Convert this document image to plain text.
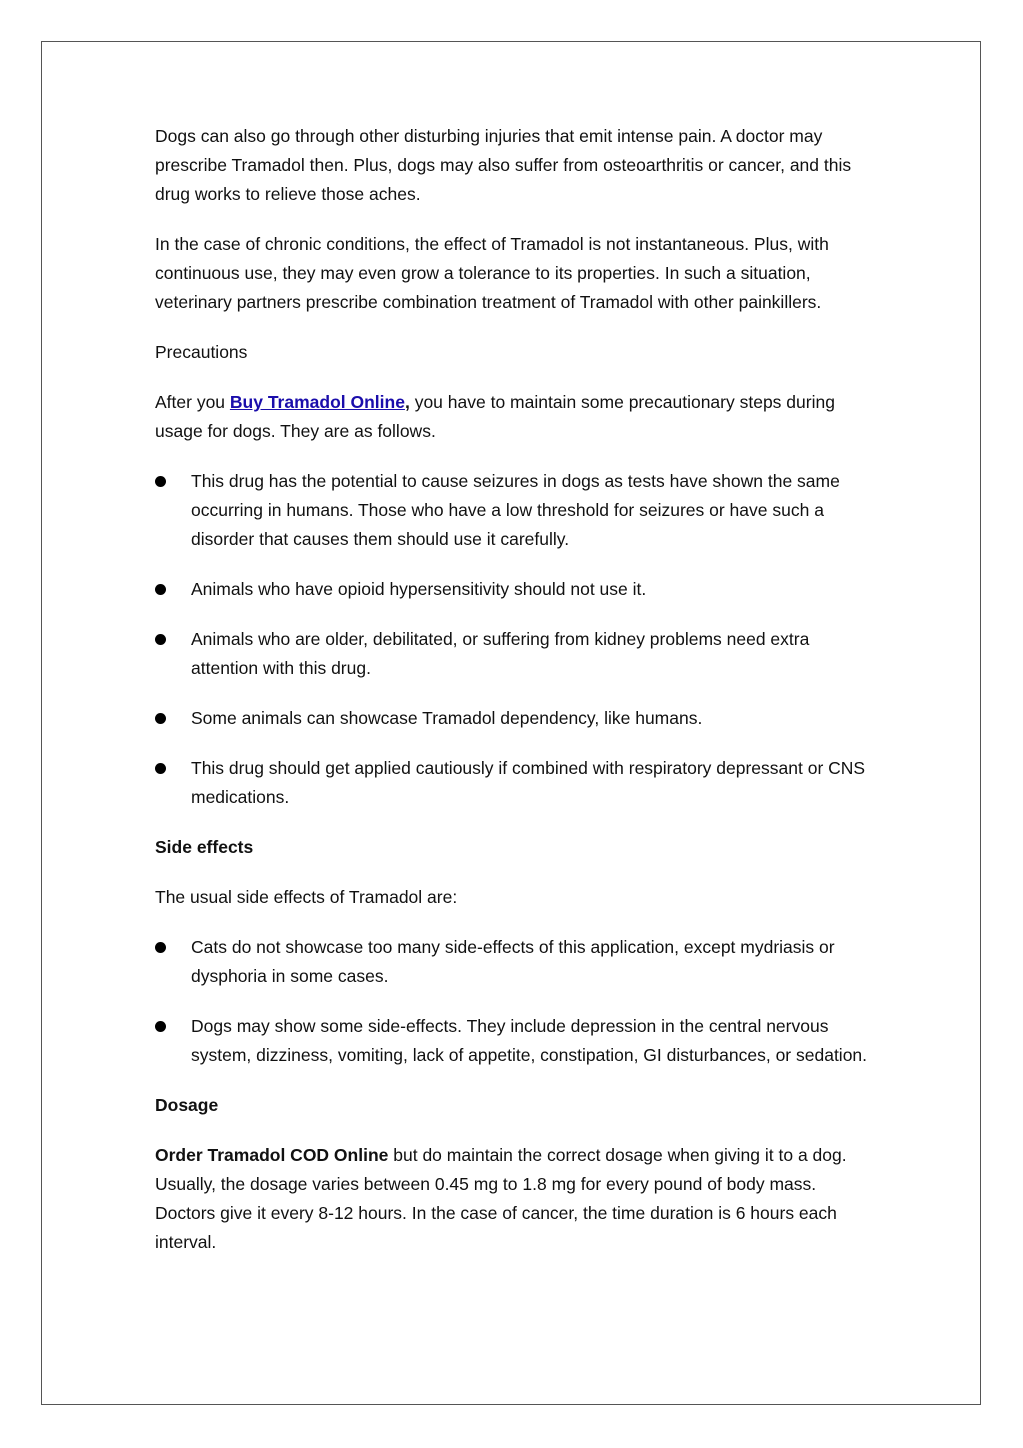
Dogs can also go through other disturbing injuries that emit intense pain. A doctor may prescribe Tramadol then. Plus, dogs may also suffer from osteoarthritis or cancer, and this drug works to relieve those aches.

In the case of chronic conditions, the effect of Tramadol is not instantaneous. Plus, with continuous use, they may even grow a tolerance to its properties. In such a situation, veterinary partners prescribe combination treatment of Tramadol with other painkillers.

Precautions

After you Buy Tramadol Online, you have to maintain some precautionary steps during usage for dogs. They are as follows.

This drug has the potential to cause seizures in dogs as tests have shown the same occurring in humans. Those who have a low threshold for seizures or have such a disorder that causes them should use it carefully.
Animals who have opioid hypersensitivity should not use it.
Animals who are older, debilitated, or suffering from kidney problems need extra attention with this drug.
Some animals can showcase Tramadol dependency, like humans.
This drug should get applied cautiously if combined with respiratory depressant or CNS medications.

Side effects

The usual side effects of Tramadol are:

Cats do not showcase too many side-effects of this application, except mydriasis or dysphoria in some cases.
Dogs may show some side-effects. They include depression in the central nervous system, dizziness, vomiting, lack of appetite, constipation, GI disturbances, or sedation.

Dosage

Order Tramadol COD Online but do maintain the correct dosage when giving it to a dog. Usually, the dosage varies between 0.45 mg to 1.8 mg for every pound of body mass. Doctors give it every 8-12 hours. In the case of cancer, the time duration is 6 hours each interval.
